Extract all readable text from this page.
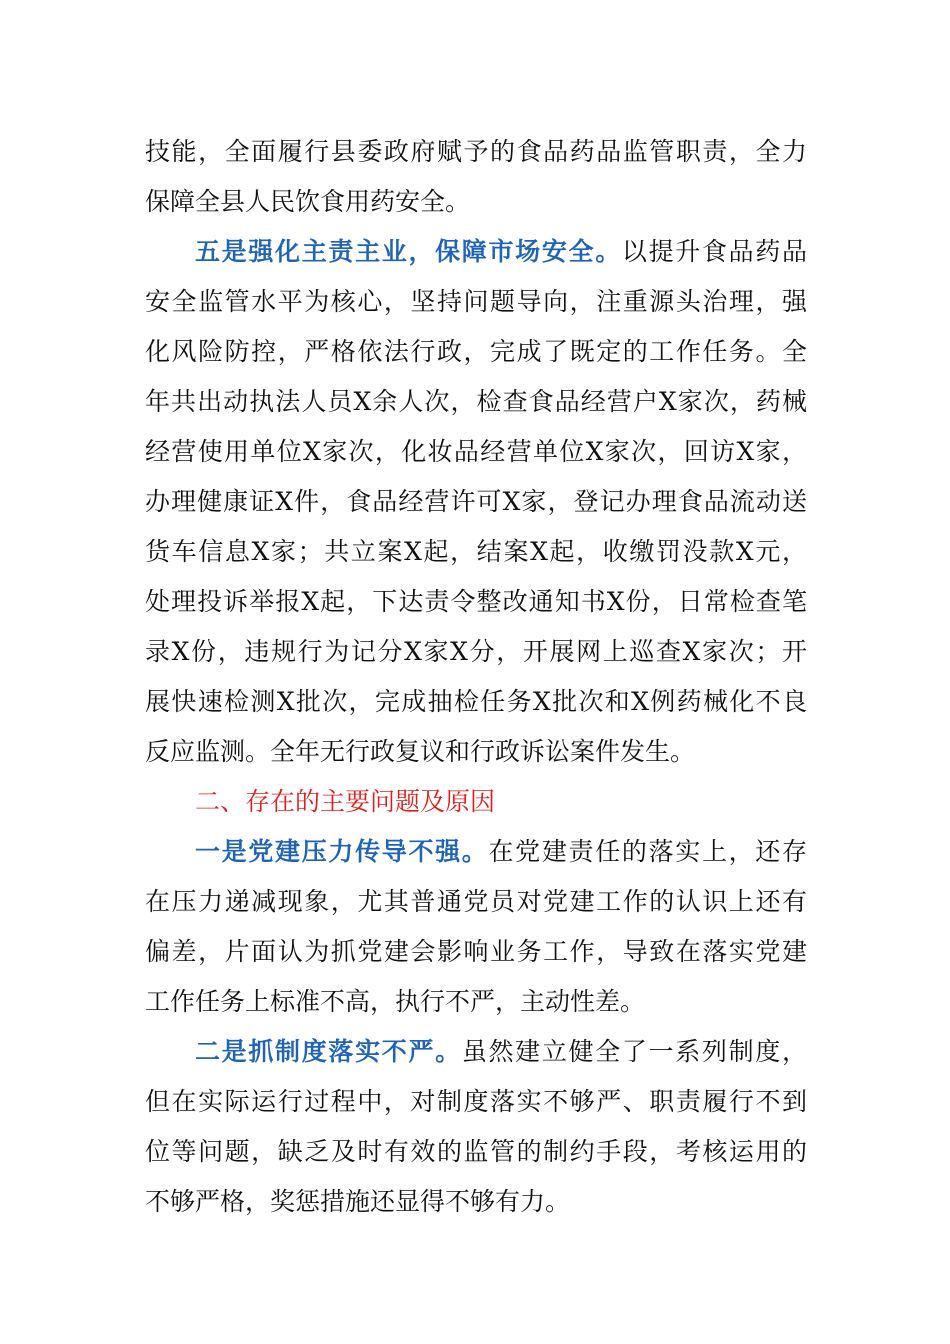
技能，全面履行县委政府赋予的食品药品监管职责，全力
保障全县人民饮食用药安全。
五是强化主责主业，保障市场安全。以提升食品药品
安全监管水平为核心，坚持问题导向，注重源头治理，强
化风险防控，严格依法行政，完成了既定的工作任务。全
年共出动执法人员X余人次，检查食品经营户X家次，药械
经营使用单位X家次，化妆品经营单位X家次，回访X家，
办理健康证X件，食品经营许可X家，登记办理食品流动送
货车信息X家；共立案X起，结案X起，收缴罚没款X元，
处理投诉举报X起，下达责令整改通知书X份，日常检查笔
录X份，违规行为记分X家X分，开展网上巡查X家次；开
展快速检测X批次，完成抽检任务X批次和X例药械化不良
反应监测。全年无行政复议和行政诉讼案件发生。
二、存在的主要问题及原因
一是党建压力传导不强。在党建责任的落实上，还存
在压力递减现象，尤其普通党员对党建工作的认识上还有
偏差，片面认为抓党建会影响业务工作，导致在落实党建
工作任务上标准不高，执行不严，主动性差。
二是抓制度落实不严。虽然建立健全了一系列制度，
但在实际运行过程中，对制度落实不够严、职责履行不到
位等问题，缺乏及时有效的监管的制约手段，考核运用的
不够严格，奖惩措施还显得不够有力。
